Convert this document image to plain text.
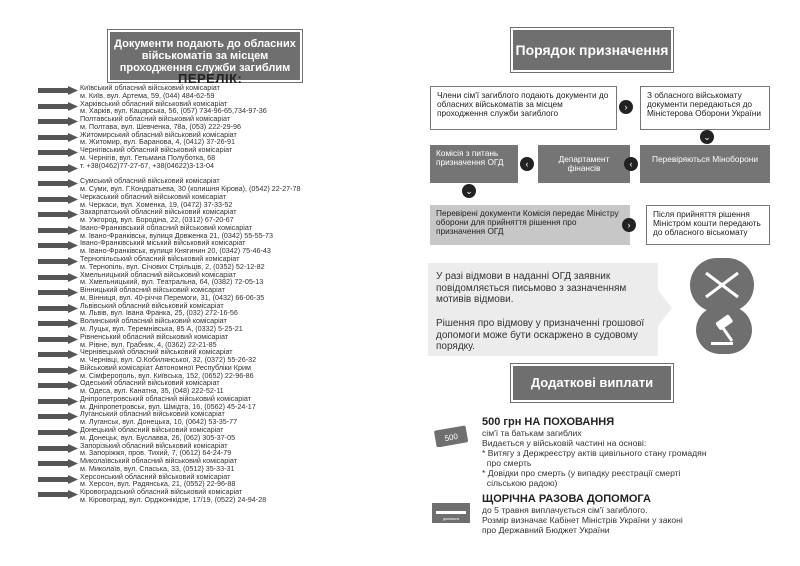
Документи подають до обласних військоматів за місцем проходження служби загиблим
ПЕРЕЛІК:
Київський обласний військовий комісаріат
м. Київ. вул. Артема, 59, (044) 484-62-59
Харківський обласний військовий комісаріат
м. Харків, вул. Кацарська, 56, (057) 734-96-65,734-97-36
Полтавський обласний військовий комісаріат
м. Полтава, вул. Шевченка, 78а, (053) 222-29-96
Житомирський обласний військовий комісаріат
м. Житомир, вул. Баранова, 4, (0412) 37-26-91
Чернігівський обласний військовий комісаріат
м. Чернігів, вул. Гетьмана Полуботка, 68
т. +38(0462)77-27-67, +38(04622)3-13-04
Сумський обласний військовий комісаріат
м. Суми, вул. Г.Кондратьева, 30 (колишня Кірова), (0542) 22-27-78
Черкаський обласний військовий комісаріат
м. Черкаси, вул. Хоменка, 19, (0472) 37-33-52
Закарпатський обласний військовий комісаріат
м. Ужгород, вул. Бородіна, 22, (0312) 67-20-67
Івано-Франківський обласний військовий комісаріат
м. Івано-Франківськ, вулиця Довженка 21, (0342) 55-55-73
Івано-Франківський міський військовий комісаріат
м. Івано-Франківськ, вулиця Княгинин 20, (0342) 75-46-43
Тернопільський обласний військовий комісаріат
м. Тернопіль, вул. Січових Стрільців, 2, (0352) 52-12-82
Хмельницький обласний військовий комісаріат
м. Хмельницький, вул. Театральна, 64, (0382) 72-05-13
Вінницький обласний військовий комісаріат
м. Вінниця, вул. 40-річчя Перемоги, 31, (0432) 66-06-35
Львівський обласний військовий комісаріат
м. Львів, вул. Івана Франка, 25, (032) 272-16-56
Волинський обласний військовий комісаріат
м. Луцьк, вул. Теремнівська, 85 А, (0332) 5-25-21
Рівненський обласний військовий комісаріат
м. Рівне, вул. Грабник, 4, (0362) 22-21-85
Чернівецький обласний військовий комісаріат
м. Чернівці, вул. О.Кобилянської, 32, (0372) 55-26-32
Військовий комісаріат Автономної Республіки Крим
м. Сімферополь, вул. Київська, 152, (0652) 22-96-86
Одеський обласний військовий комісаріат
м. Одеса, вул. Канатна, 35, (048) 222-52-11
Дніпропетровський обласний військовий комісаріат
м. Дніпропетровськ, вул. Шмідта, 16, (0562) 45-24-17
Луганський обласний військовий комісаріат
м. Луганськ, вул. Донецька, 10, (0642) 53-35-77
Донецький обласний військовий комісаріат
м. Донецьк, вул. Буславва, 26, (062) 305-37-05
Запорізький обласний військовий комісаріат
м. Запоріжжя, пров. Тихий, 7, (0612) 64-24-79
Миколаївський обласний військовий комісаріат
м. Миколаїв, вул. Спаська, 33, (0512) 35-33-31
Херсонський обласний військовий комісаріат
м. Херсон, вул. Радянська, 21, (0552) 22-96-88
Кіровоградський обласний військовий комісаріат
м. Кіровоград, вул. Орджонікідзе, 17/19, (0522) 24-94-28
Порядок призначення
Члени сім'ї загиблого подають документи до обласних військоматів за місцем проходження служби загиблого
›
З обласного військомату документи передаються до Міністерова Оборони України
⌄
Комісія з питань призначення ОГД	‹	Департамент фінансів	‹	Перевіряються Міноборони
⌄
Перевірені документи Комісія передає Міністру оборони для прийняття рішення про призначення ОГД
›
Після прийняття рішення Міністром кошти передають до обласного віськомату

У разі відмови в наданні ОГД заявник повідомляється письмово з зазначенням мотивів відмови.

Рішення про відмову у призначенні грошової допомоги може бути оскаржено в судовому порядку.

Додаткові виплати
500
500 грн НА ПОХОВАННЯ
сім'ї та батькам загиблих
Видається у військовій частині на основі:
* Витягу з Держреєстру актів цивільного стану громадян
про смерть
* Довідки про смерть (у випадку реєстрації смерті
сільською радою)
допомога
ЩОРІЧНА РАЗОВА ДОПОМОГА
до 5 травня виплачується сім'ї загиблого.
Розмір визначає Кабінет Міністрів України у законі
про Державний Бюджет України
